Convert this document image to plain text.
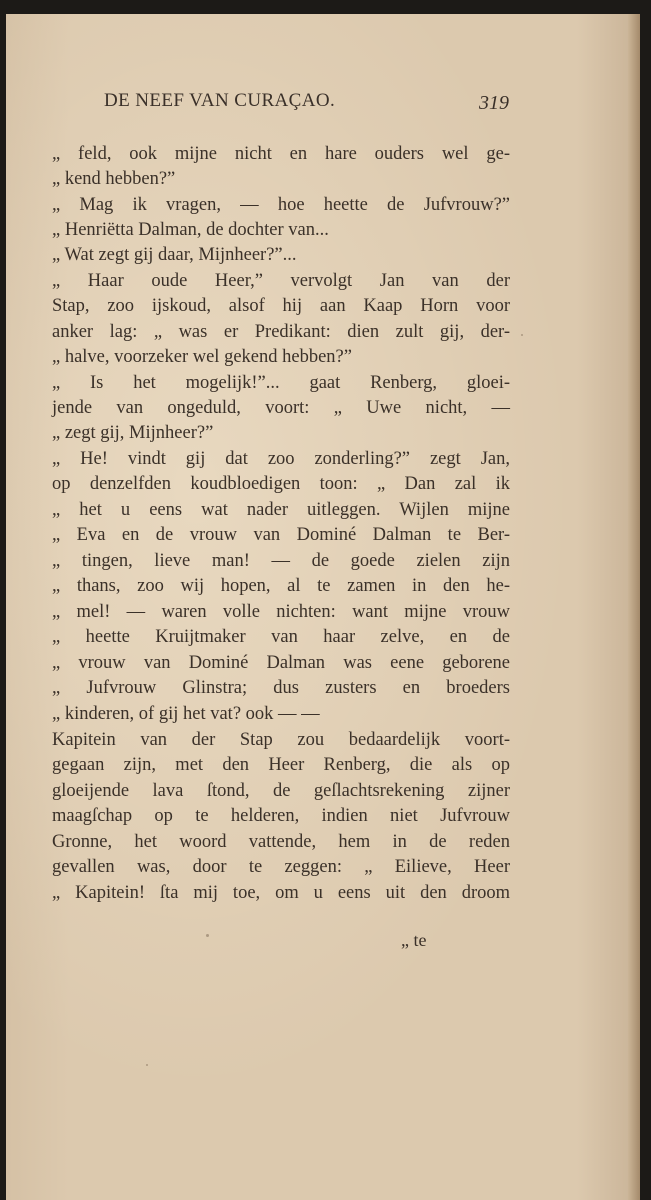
DE NEEF VAN CURAÇAO.	319
„ feld, ook mijne nicht en hare ouders wel ge-
„ kend hebben?”
„ Mag ik vragen, — hoe heette de Jufvrouw?”
„ Henriëtta Dalman, de dochter van...
„ Wat zegt gij daar, Mijnheer?”...
„ Haar oude Heer,” vervolgt Jan van der
Stap, zoo ijskoud, alsof hij aan Kaap Horn voor
anker lag: „ was er Predikant: dien zult gij, der-
„ halve, voorzeker wel gekend hebben?”
„ Is het mogelijk!”... gaat Renberg, gloei-
jende van ongeduld, voort: „ Uwe nicht, —
„ zegt gij, Mijnheer?”
„ He! vindt gij dat zoo zonderling?” zegt Jan,
op denzelfden koudbloedigen toon: „ Dan zal ik
„ het u eens wat nader uitleggen. Wijlen mijne
„ Eva en de vrouw van Dominé Dalman te Ber-
„ tingen, lieve man! — de goede zielen zijn
„ thans, zoo wij hopen, al te zamen in den he-
„ mel! — waren volle nichten: want mijne vrouw
„ heette Kruijtmaker van haar zelve, en de
„ vrouw van Dominé Dalman was eene geborene
„ Jufvrouw Glinstra; dus zusters en broeders
„ kinderen, of gij het vat? ook — —
Kapitein van der Stap zou bedaardelijk voort-
gegaan zijn, met den Heer Renberg, die als op
gloeijende lava ſtond, de geſlachtsrekening zijner
maagſchap op te helderen, indien niet Jufvrouw
Gronne, het woord vattende, hem in de reden
gevallen was, door te zeggen: „ Eilieve, Heer
„ Kapitein! ſta mij toe, om u eens uit den droom
„ te
